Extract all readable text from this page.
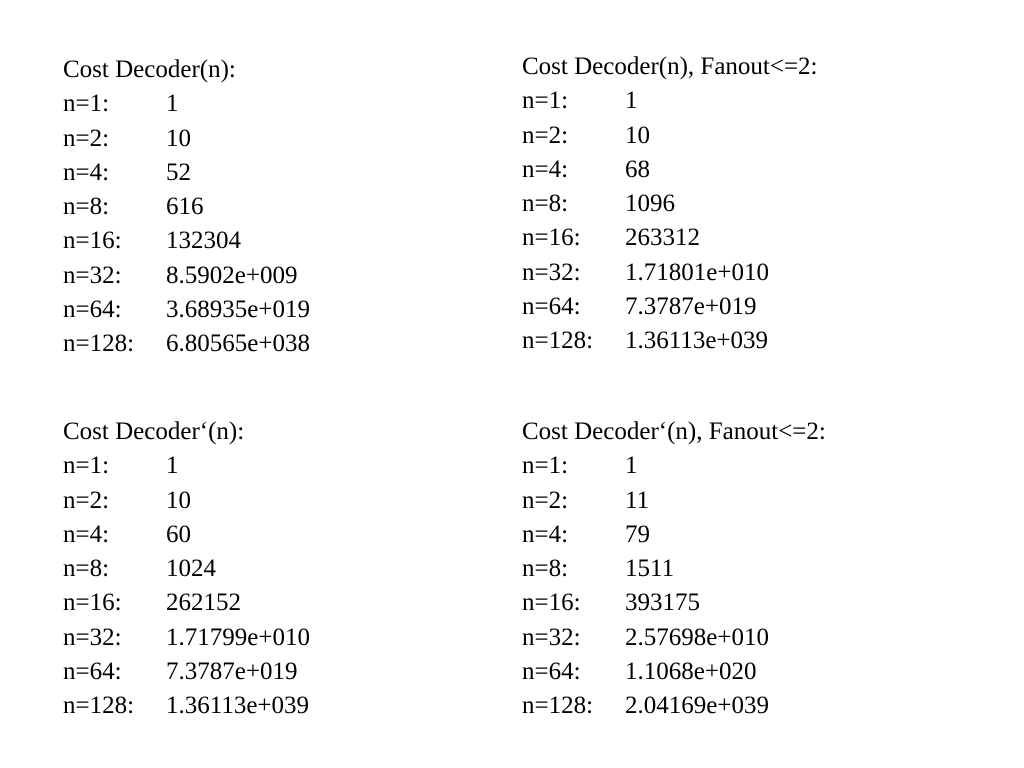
Cost Decoder(n):
n=1:	1
n=2:	10
n=4:	52
n=8:	616
n=16:	132304
n=32:	8.5902e+009
n=64:	3.68935e+019
n=128:	6.80565e+038
Cost Decoder(n), Fanout<=2:
n=1:	1
n=2:	10
n=4:	68
n=8:	1096
n=16:	263312
n=32:	1.71801e+010
n=64:	7.3787e+019
n=128:	1.36113e+039
Cost Decoder‘(n):
n=1:	1
n=2:	10
n=4:	60
n=8:	1024
n=16:	262152
n=32:	1.71799e+010
n=64:	7.3787e+019
n=128:	1.36113e+039
Cost Decoder‘(n), Fanout<=2:
n=1:	1
n=2:	11
n=4:	79
n=8:	1511
n=16:	393175
n=32:	2.57698e+010
n=64:	1.1068e+020
n=128:	2.04169e+039
